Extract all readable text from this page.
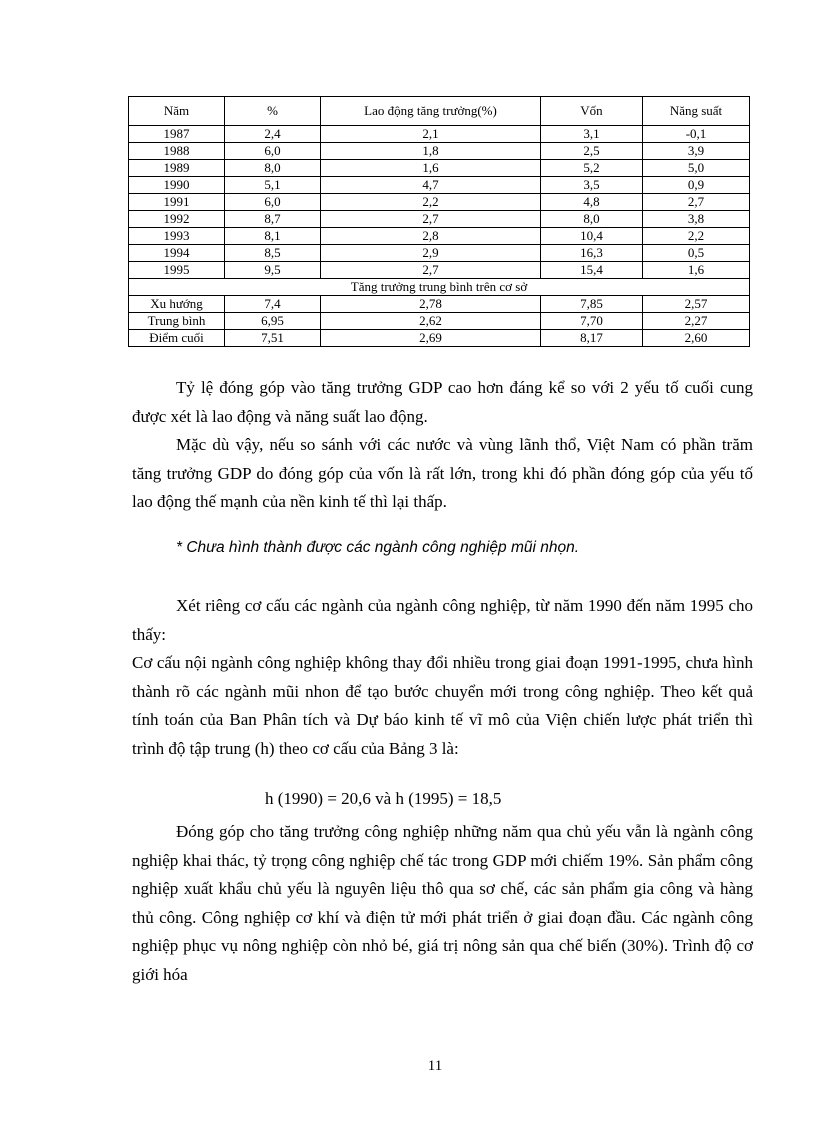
Năm	%	Lao động tăng trưởng(%)	Vốn	Năng suất
1987	2,4	2,1	3,1	-0,1
1988	6,0	1,8	2,5	3,9
1989	8,0	1,6	5,2	5,0
1990	5,1	4,7	3,5	0,9
1991	6,0	2,2	4,8	2,7
1992	8,7	2,7	8,0	3,8
1993	8,1	2,8	10,4	2,2
1994	8,5	2,9	16,3	0,5
1995	9,5	2,7	15,4	1,6
Tăng trưởng trung bình trên cơ sở				
Xu hướng	7,4	2,78	7,85	2,57
Trung bình	6,95	2,62	7,70	2,27
Điểm cuối	7,51	2,69	8,17	2,60

Tỷ lệ đóng góp vào tăng trưởng GDP cao hơn đáng kể so với 2 yếu tố cuối cung được xét là lao động và năng suất lao động.

Mặc dù vậy, nếu so sánh với các nước và vùng lãnh thổ, Việt Nam có phần trăm tăng trưởng GDP do đóng góp của vốn là rất lớn, trong khi đó phần đóng góp của yếu tố lao động thế mạnh của nền kinh tế thì lại thấp.

* Chưa hình thành được các ngành công nghiệp mũi nhọn.

Xét riêng cơ cấu các ngành của ngành công nghiệp, từ năm 1990 đến năm 1995 cho thấy:

Cơ cấu nội ngành công nghiệp không thay đổi nhiều trong giai đoạn 1991-1995, chưa hình thành rõ các ngành mũi nhon để tạo bước chuyển mới trong công nghiệp. Theo kết quả tính toán của Ban Phân tích và Dự báo kinh tế vĩ mô của Viện chiến lược phát triển thì trình độ tập trung (h) theo cơ cấu của Bảng 3 là:

h (1990) = 20,6 và h (1995) = 18,5

Đóng góp cho tăng trưởng công nghiệp những năm qua chủ yếu vẫn là ngành công nghiệp khai thác, tỷ trọng công nghiệp chế tác trong GDP mới chiếm 19%. Sản phẩm công nghiệp xuất khẩu chủ yếu là nguyên liệu thô qua sơ chế, các sản phẩm gia công và hàng thủ công. Công nghiệp cơ khí và điện tử mới phát triển ở giai đoạn đầu. Các ngành công nghiệp phục vụ nông nghiệp còn nhỏ bé, giá trị nông sản qua chế biến (30%). Trình độ cơ giới hóa

11
